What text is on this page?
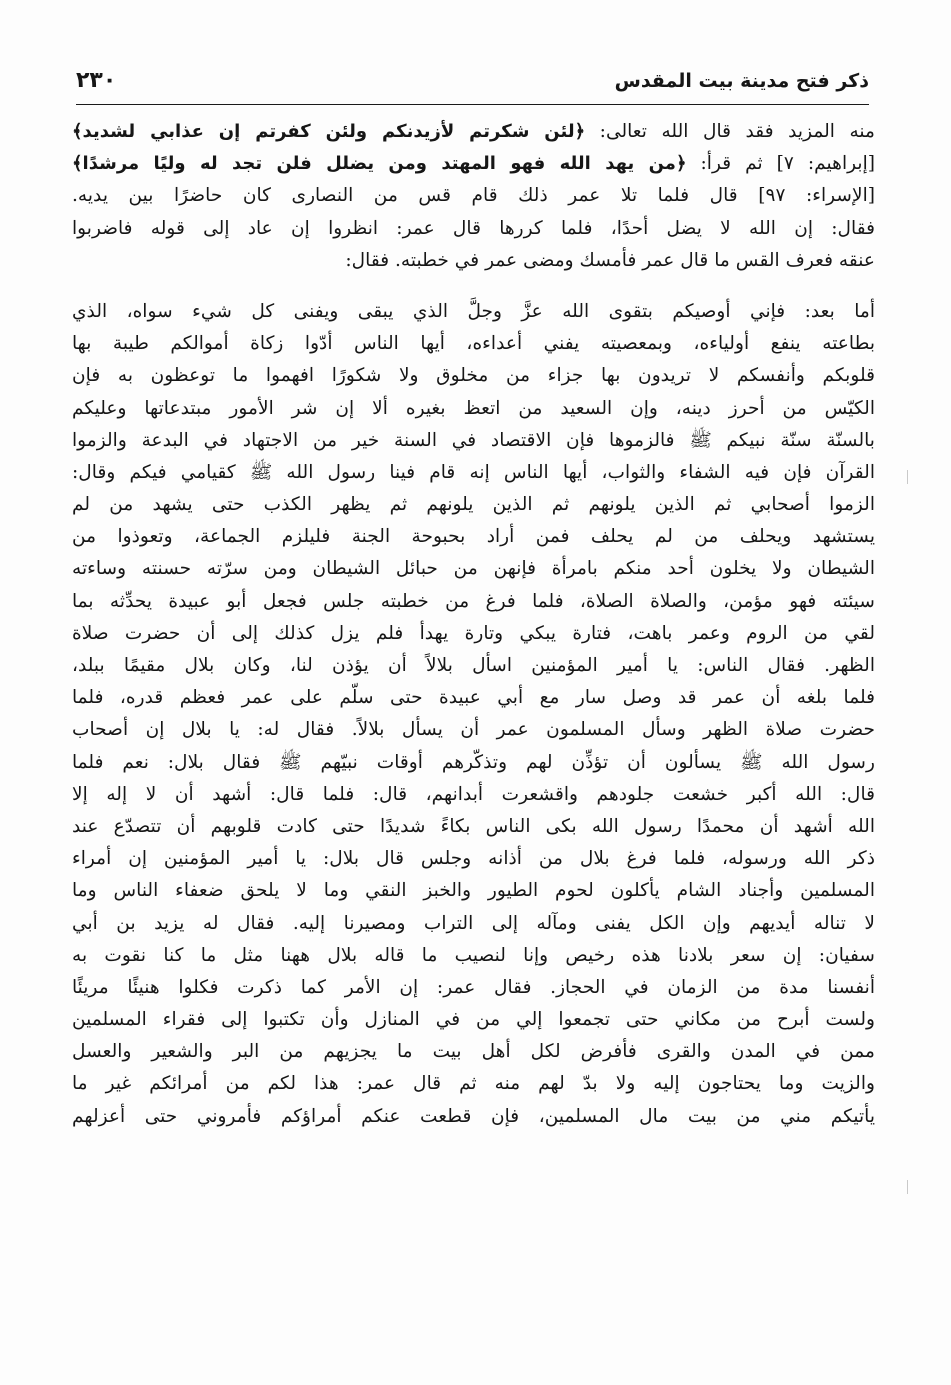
ذكر فتح مدينة بيت المقدس
٢٣٠
منه المزيد فقد قال الله تعالى: ﴿لئن شكرتم لأزيدنكم ولئن كفرتم إن عذابي لشديد﴾
[إبراهيم: ٧] ثم قرأ: ﴿من يهد الله فهو المهتد ومن يضلل فلن تجد له وليًا مرشدًا﴾
[الإسراء: ٩٧] قال فلما تلا عمر ذلك قام قس من النصارى كان حاضرًا بين يديه.
فقال: إن الله لا يضل أحدًا، فلما كررها قال عمر: انظروا إن عاد إلى قوله فاضربوا
عنقه فعرف القس ما قال عمر فأمسك ومضى عمر في خطبته. فقال:
أما بعد: فإني أوصيكم بتقوى الله عزَّ وجلَّ الذي يبقى ويفنى كل شيء سواه، الذي
بطاعته ينفع أولياءه، وبمعصيته يفني أعداءه، أيها الناس أدّوا زكاة أموالكم طيبة بها
قلوبكم وأنفسكم لا تريدون بها جزاء من مخلوق ولا شكورًا افهموا ما توعظون به فإن
الكيّس من أحرز دينه، وإن السعيد من اتعظ بغيره ألا إن شر الأمور مبتدعاتها وعليكم
بالسنّة سنّة نبيكم ﷺ فالزموها فإن الاقتصاد في السنة خير من الاجتهاد في البدعة والزموا
القرآن فإن فيه الشفاء والثواب، أيها الناس إنه قام فينا رسول الله ﷺ كقيامي فيكم وقال:
الزموا أصحابي ثم الذين يلونهم ثم الذين يلونهم ثم يظهر الكذب حتى يشهد من لم
يستشهد ويحلف من لم يحلف فمن أراد بحبوحة الجنة فليلزم الجماعة، وتعوذوا من
الشيطان ولا يخلون أحد منكم بامرأة فإنهن من حبائل الشيطان ومن سرّته حسنته وساءته
سيئته فهو مؤمن، والصلاة الصلاة، فلما فرغ من خطبته جلس فجعل أبو عبيدة يحدِّثه بما
لقي من الروم وعمر باهت، فتارة يبكي وتارة يهدأ فلم يزل كذلك إلى أن حضرت صلاة
الظهر. فقال الناس: يا أمير المؤمنين اسأل بلالاً أن يؤذن لنا، وكان بلال مقيمًا ببلد،
فلما بلغه أن عمر قد وصل سار مع أبي عبيدة حتى سلّم على عمر فعظم قدره، فلما
حضرت صلاة الظهر وسأل المسلمون عمر أن يسأل بلالاً. فقال له: يا بلال إن أصحاب
رسول الله ﷺ يسألون أن تؤذِّن لهم وتذكّرهم أوقات نبيّهم ﷺ فقال بلال: نعم فلما
قال: الله أكبر خشعت جلودهم واقشعرت أبدانهم، قال: فلما قال: أشهد أن لا إله إلا
الله أشهد أن محمدًا رسول الله بكى الناس بكاءً شديدًا حتى كادت قلوبهم أن تتصدّع عند
ذكر الله ورسوله، فلما فرغ بلال من أذانه وجلس قال بلال: يا أمير المؤمنين إن أمراء
المسلمين وأجناد الشام يأكلون لحوم الطيور والخبز النقي وما لا يلحق ضعفاء الناس وما
لا تناله أيديهم وإن الكل يفنى ومآله إلى التراب ومصيرنا إليه. فقال له يزيد بن أبي
سفيان: إن سعر بلادنا هذه رخيص وإنا لنصيب ما قاله بلال ههنا مثل ما كنا نقوت به
أنفسنا مدة من الزمان في الحجاز. فقال عمر: إن الأمر كما ذكرت فكلوا هنيئًا مريئًا
ولست أبرح من مكاني حتى تجمعوا إلي من في المنازل وأن تكتبوا إلى فقراء المسلمين
ممن في المدن والقرى فأفرض لكل أهل بيت ما يجزيهم من البر والشعير والعسل
والزيت وما يحتاجون إليه ولا بدّ لهم منه ثم قال عمر: هذا لكم من أمرائكم غير ما
يأتيكم مني من بيت مال المسلمين، فإن قطعت عنكم أمراؤكم فأمروني حتى أعزلهم
